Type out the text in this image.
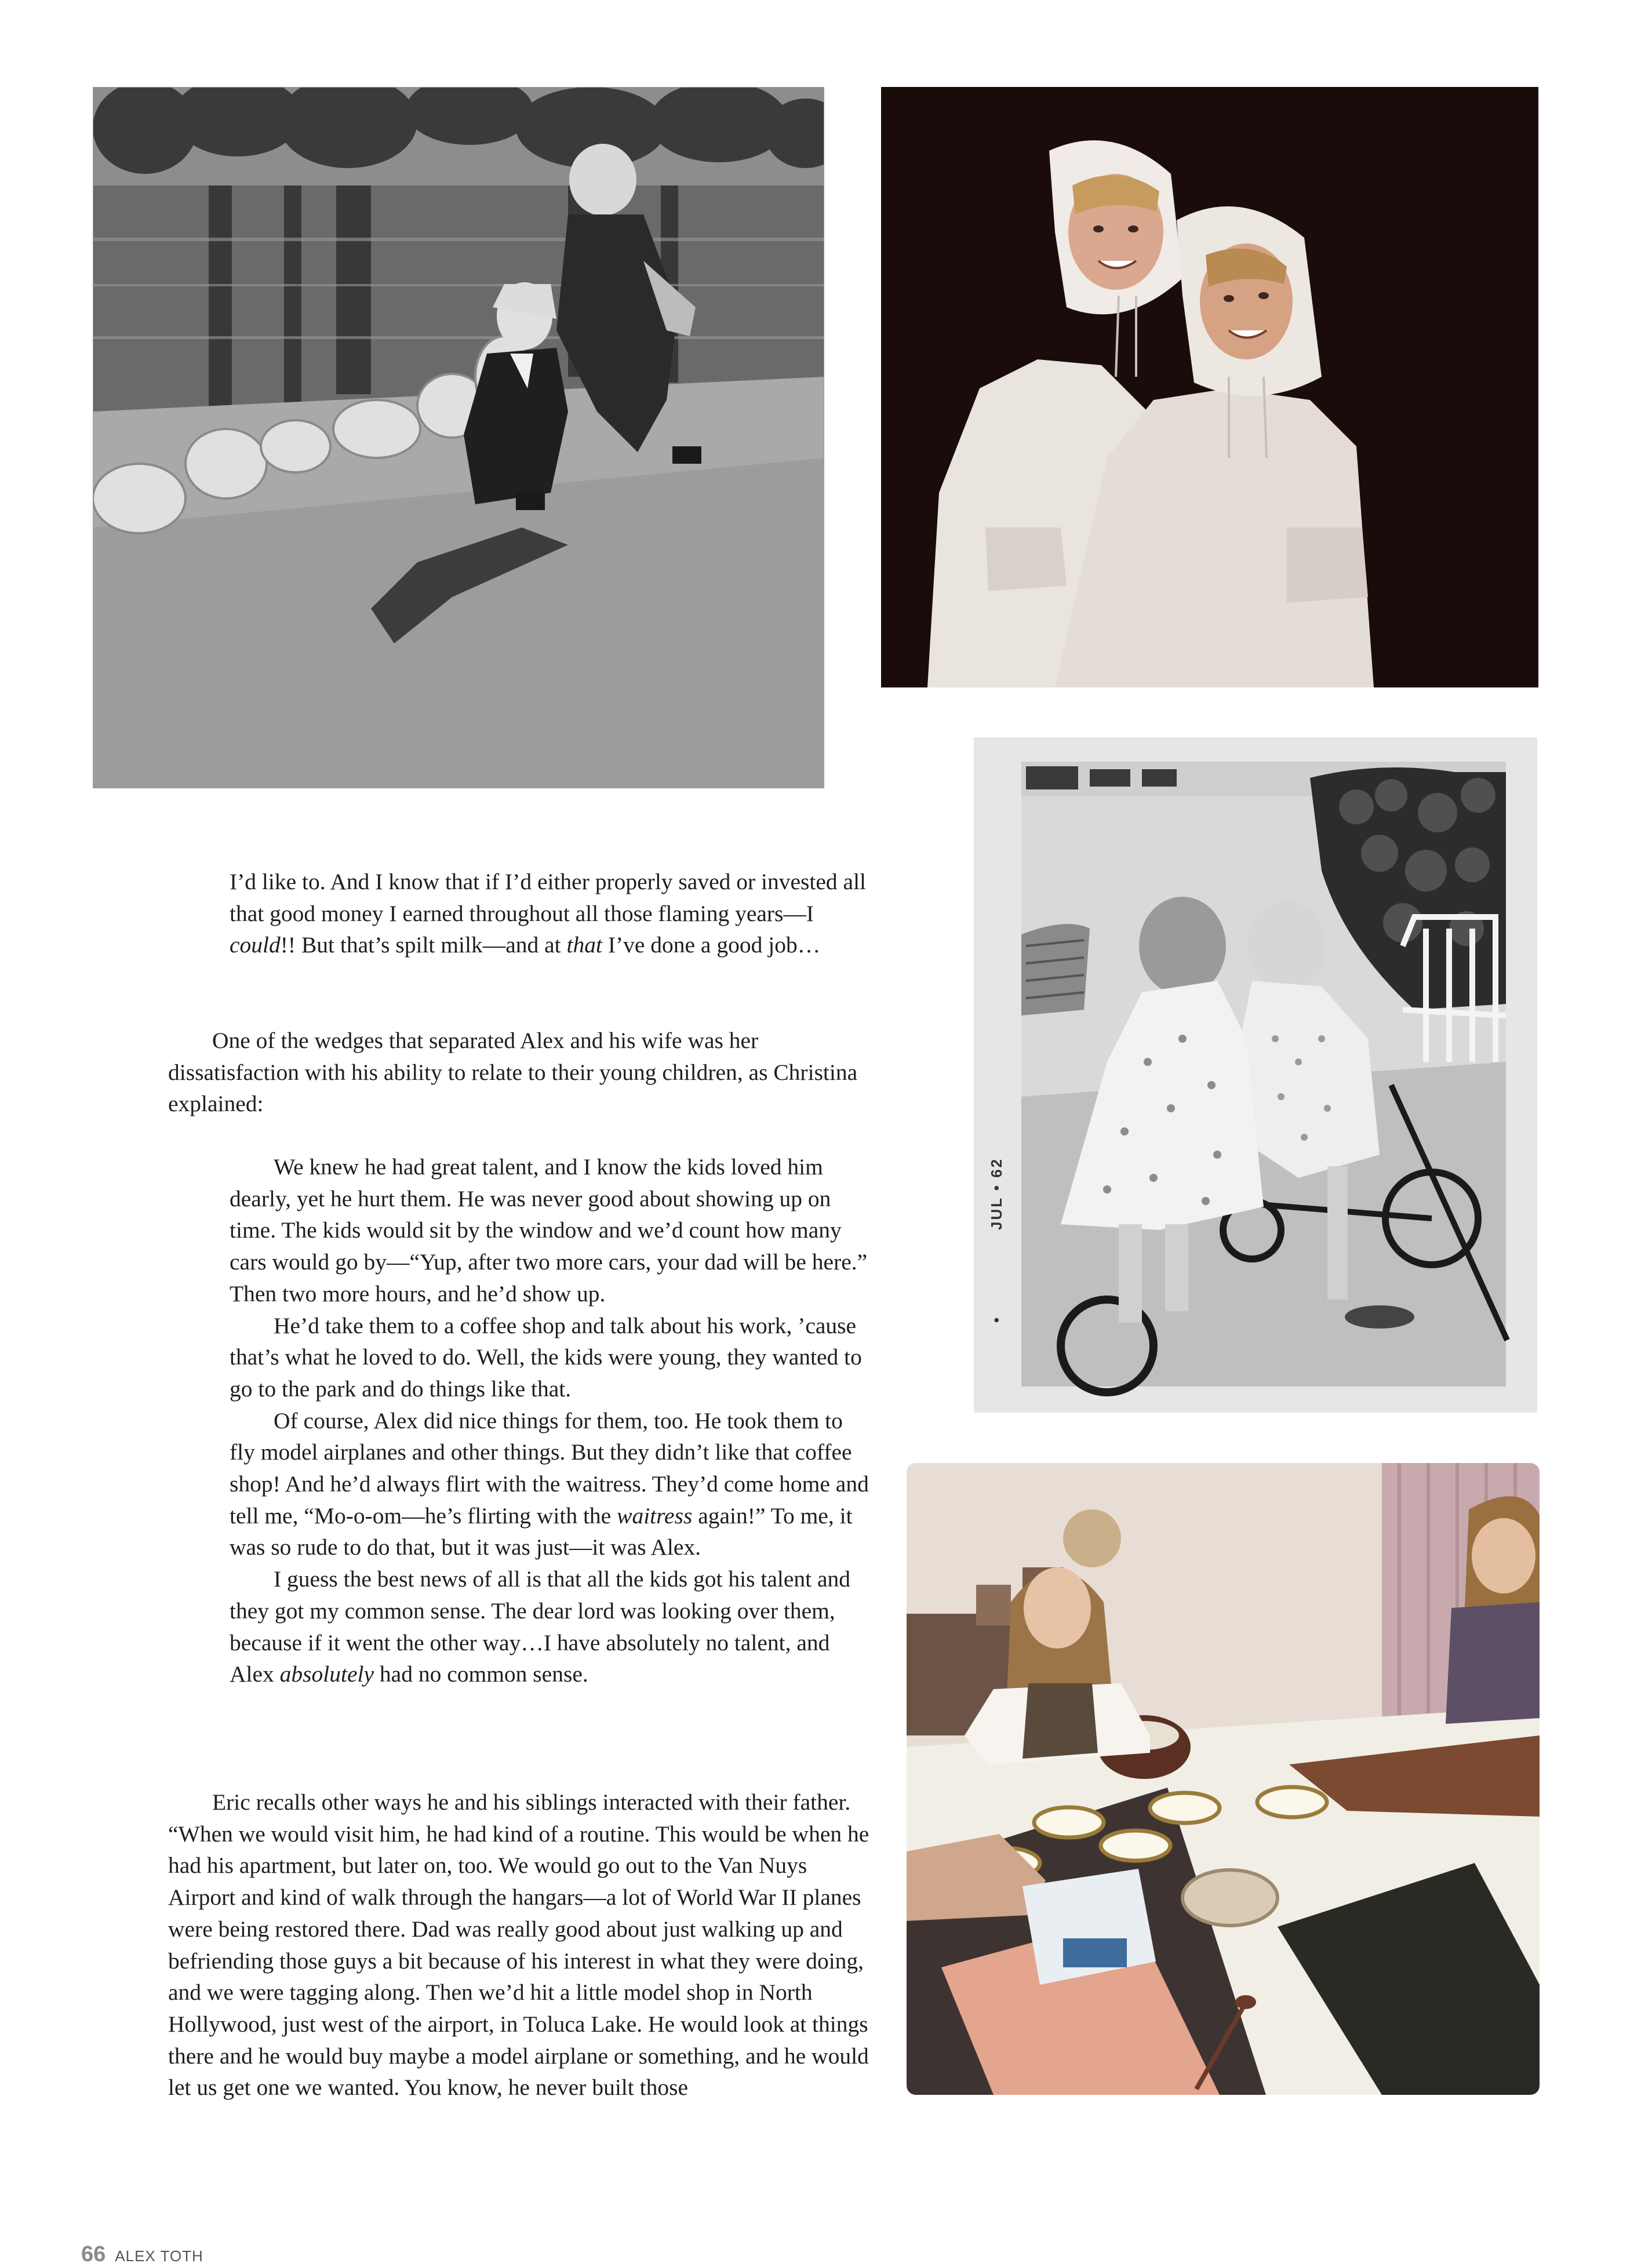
JUL • 62
•

I’d like to. And I know that if I’d either properly saved or invested all that good money I earned throughout all those flaming years—I could!! But that’s spilt milk—and at that I’ve done a good job…

One of the wedges that separated Alex and his wife was her dissatisfaction with his ability to relate to their young children, as Christina explained:

We knew he had great talent, and I know the kids loved him dearly, yet he hurt them. He was never good about showing up on time. The kids would sit by the window and we’d count how many cars would go by—“Yup, after two more cars, your dad will be here.” Then two more hours, and he’d show up.

He’d take them to a coffee shop and talk about his work, ’cause that’s what he loved to do. Well, the kids were young, they wanted to go to the park and do things like that.

Of course, Alex did nice things for them, too. He took them to fly model airplanes and other things. But they didn’t like that coffee shop! And he’d always flirt with the waitress. They’d come home and tell me, “Mo-o-om—he’s flirting with the waitress again!” To me, it was so rude to do that, but it was just—it was Alex.

I guess the best news of all is that all the kids got his talent and they got my common sense. The dear lord was looking over them, because if it went the other way…I have absolutely no talent, and Alex absolutely had no common sense.

Eric recalls other ways he and his siblings interacted with their father. “When we would visit him, he had kind of a routine. This would be when he had his apartment, but later on, too. We would go out to the Van Nuys Airport and kind of walk through the hangars—a lot of World War II planes were being restored there. Dad was really good about just walking up and befriending those guys a bit because of his interest in what they were doing, and we were tagging along. Then we’d hit a little model shop in North Hollywood, just west of the airport, in Toluca Lake. He would look at things there and he would buy maybe a model airplane or something, and he would let us get one we wanted. You know, he never built those

66 ALEX TOTH
